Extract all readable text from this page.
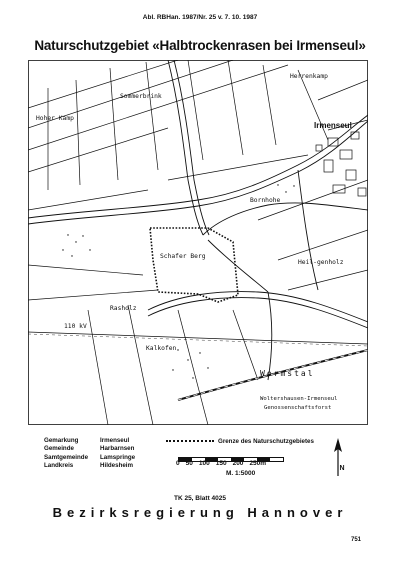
Abl. RBHan. 1987/Nr. 25 v. 7. 10. 1987
Naturschutzgebiet «Halbtrockenrasen bei Irmenseul»
Herrenkamp
Sommerbrink
Hoher Kamp
Irmenseul
Bornhohe
Schafer Berg
Heil-genholz
Rasholz
110 kV
Kalkofen
Wormstal
Woltershausen-Irmenseul
Genossenschaftsforst
Gemarkung	Irmenseul
Gemeinde	Harbarnsen
Samtgemeinde	Lamspringe
Landkreis	Hildesheim
Grenze des Naturschutzgebietes
0 50 100 150 200 250m
M. 1:5000
N
TK 25, Blatt 4025
Bezirksregierung Hannover
751
